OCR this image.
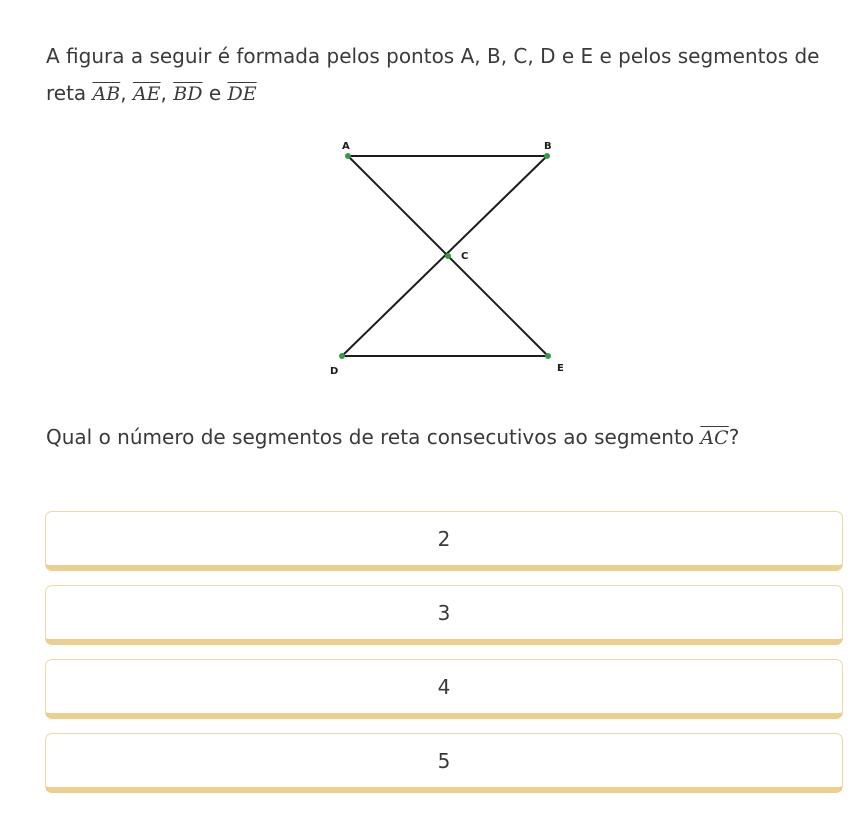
A figura a seguir é formada pelos pontos A, B, C, D e E e pelos segmentos de
reta $\overline{AB}$, $\overline{AE}$, $\overline{BD}$ e $\overline{DE}$
A	B
C
D	E
Qual o número de segmentos de reta consecutivos ao segmento $\overline{AC}$?
2
3
4
5
